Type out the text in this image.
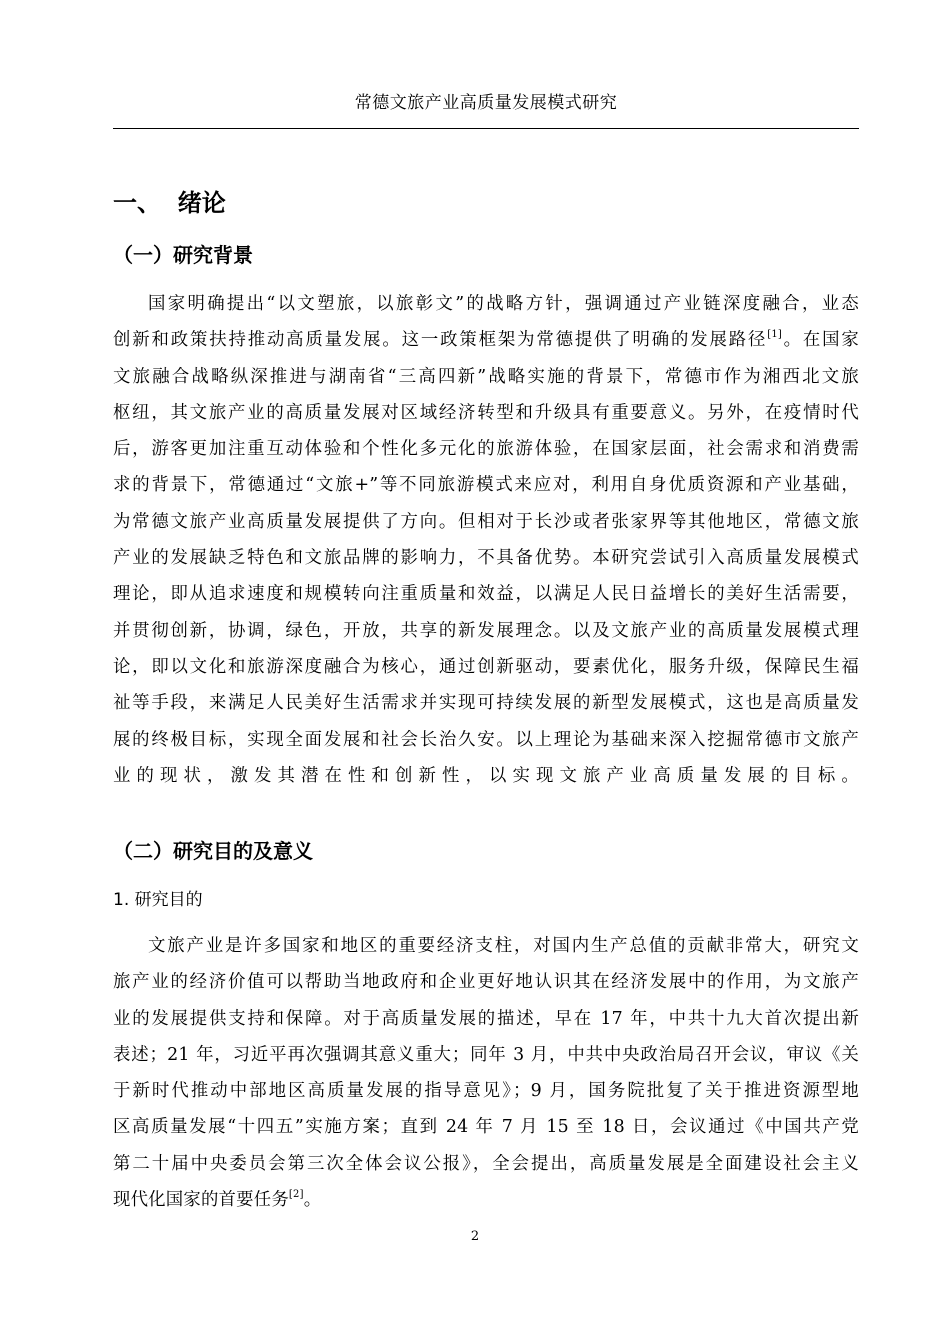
常德文旅产业高质量发展模式研究
一、  绪论
（一）研究背景
国家明确提出“以文塑旅，以旅彰文”的战略方针，强调通过产业链深度融合，业态
创新和政策扶持推动高质量发展。这一政策框架为常德提供了明确的发展路径[1]。在国家
文旅融合战略纵深推进与湖南省“三高四新”战略实施的背景下，常德市作为湘西北文旅
枢纽，其文旅产业的高质量发展对区域经济转型和升级具有重要意义。另外，在疫情时代
后，游客更加注重互动体验和个性化多元化的旅游体验，在国家层面，社会需求和消费需
求的背景下，常德通过“文旅+”等不同旅游模式来应对，利用自身优质资源和产业基础，
为常德文旅产业高质量发展提供了方向。但相对于长沙或者张家界等其他地区，常德文旅
产业的发展缺乏特色和文旅品牌的影响力，不具备优势。本研究尝试引入高质量发展模式
理论，即从追求速度和规模转向注重质量和效益，以满足人民日益增长的美好生活需要，
并贯彻创新，协调，绿色，开放，共享的新发展理念。以及文旅产业的高质量发展模式理
论，即以文化和旅游深度融合为核心，通过创新驱动，要素优化，服务升级，保障民生福
祉等手段，来满足人民美好生活需求并实现可持续发展的新型发展模式，这也是高质量发
展的终极目标，实现全面发展和社会长治久安。以上理论为基础来深入挖掘常德市文旅产
业的现状，激发其潜在性和创新性，以实现文旅产业高质量发展的目标。
（二）研究目的及意义
1. 研究目的
文旅产业是许多国家和地区的重要经济支柱，对国内生产总值的贡献非常大，研究文
旅产业的经济价值可以帮助当地政府和企业更好地认识其在经济发展中的作用，为文旅产
业的发展提供支持和保障。对于高质量发展的描述，早在 17 年，中共十九大首次提出新
表述；21 年，习近平再次强调其意义重大；同年 3 月，中共中央政治局召开会议，审议《关
于新时代推动中部地区高质量发展的指导意见》；9 月，国务院批复了关于推进资源型地
区高质量发展“十四五”实施方案；直到 24 年 7 月 15 至 18 日，会议通过《中国共产党
第二十届中央委员会第三次全体会议公报》，全会提出，高质量发展是全面建设社会主义
现代化国家的首要任务[2]。
2
